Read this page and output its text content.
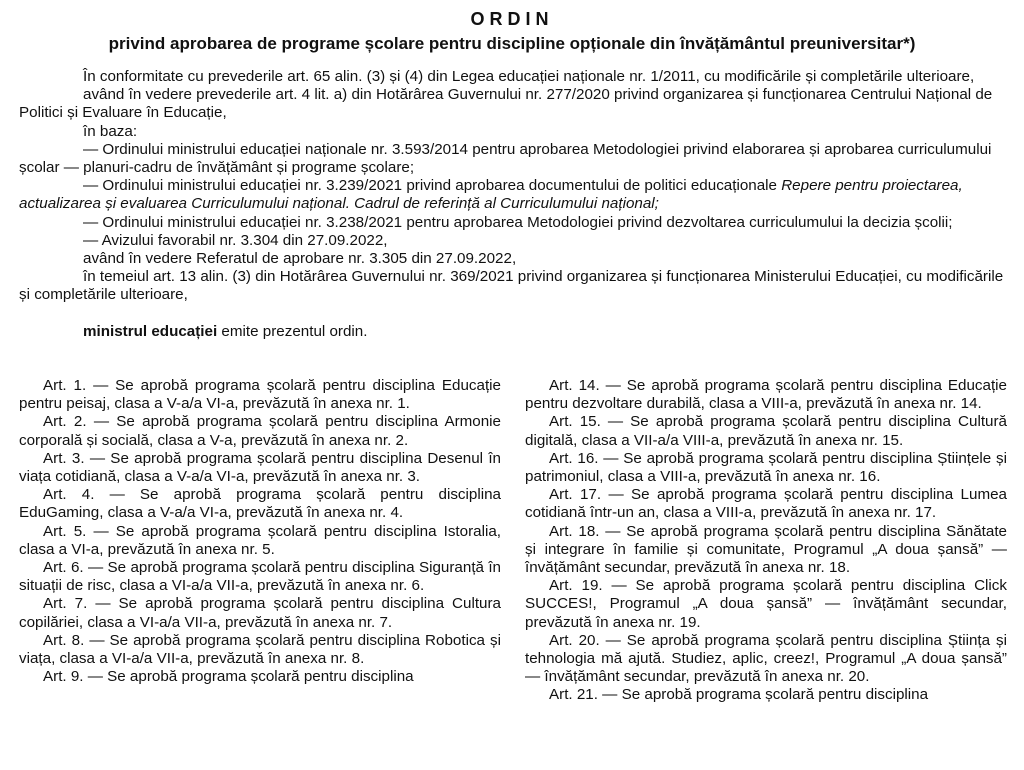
ORDIN
privind aprobarea de programe școlare pentru discipline opționale din învățământul preuniversitar*)

În conformitate cu prevederile art. 65 alin. (3) și (4) din Legea educației naționale nr. 1/2011, cu modificările și completările ulterioare,

având în vedere prevederile art. 4 lit. a) din Hotărârea Guvernului nr. 277/2020 privind organizarea și funcționarea Centrului Național de Politici și Evaluare în Educație,

în baza:

— Ordinului ministrului educației naționale nr. 3.593/2014 pentru aprobarea Metodologiei privind elaborarea și aprobarea curriculumului școlar — planuri-cadru de învățământ și programe școlare;

— Ordinului ministrului educației nr. 3.239/2021 privind aprobarea documentului de politici educaționale Repere pentru proiectarea, actualizarea și evaluarea Curriculumului național. Cadrul de referință al Curriculumului național;

— Ordinului ministrului educației nr. 3.238/2021 pentru aprobarea Metodologiei privind dezvoltarea curriculumului la decizia școlii;

— Avizului favorabil nr. 3.304 din 27.09.2022,

având în vedere Referatul de aprobare nr. 3.305 din 27.09.2022,

în temeiul art. 13 alin. (3) din Hotărârea Guvernului nr. 369/2021 privind organizarea și funcționarea Ministerului Educației, cu modificările și completările ulterioare,

ministrul educației emite prezentul ordin.

Art. 1. — Se aprobă programa școlară pentru disciplina Educație pentru peisaj, clasa a V-a/a VI-a, prevăzută în anexa nr. 1.

Art. 2. — Se aprobă programa școlară pentru disciplina Armonie corporală și socială, clasa a V-a, prevăzută în anexa nr. 2.

Art. 3. — Se aprobă programa școlară pentru disciplina Desenul în viața cotidiană, clasa a V-a/a VI-a, prevăzută în anexa nr. 3.

Art. 4. — Se aprobă programa școlară pentru disciplina EduGaming, clasa a V-a/a VI-a, prevăzută în anexa nr. 4.

Art. 5. — Se aprobă programa școlară pentru disciplina Istoralia, clasa a VI-a, prevăzută în anexa nr. 5.

Art. 6. — Se aprobă programa școlară pentru disciplina Siguranță în situații de risc, clasa a VI-a/a VII-a, prevăzută în anexa nr. 6.

Art. 7. — Se aprobă programa școlară pentru disciplina Cultura copilăriei, clasa a VI-a/a VII-a, prevăzută în anexa nr. 7.

Art. 8. — Se aprobă programa școlară pentru disciplina Robotica și viața, clasa a VI-a/a VII-a, prevăzută în anexa nr. 8.

Art. 9. — Se aprobă programa școlară pentru disciplina

Art. 14. — Se aprobă programa școlară pentru disciplina Educație pentru dezvoltare durabilă, clasa a VIII-a, prevăzută în anexa nr. 14.

Art. 15. — Se aprobă programa școlară pentru disciplina Cultură digitală, clasa a VII-a/a VIII-a, prevăzută în anexa nr. 15.

Art. 16. — Se aprobă programa școlară pentru disciplina Științele și patrimoniul, clasa a VIII-a, prevăzută în anexa nr. 16.

Art. 17. — Se aprobă programa școlară pentru disciplina Lumea cotidiană într-un an, clasa a VIII-a, prevăzută în anexa nr. 17.

Art. 18. — Se aprobă programa școlară pentru disciplina Sănătate și integrare în familie și comunitate, Programul „A doua șansă” — învățământ secundar, prevăzută în anexa nr. 18.

Art. 19. — Se aprobă programa școlară pentru disciplina Click SUCCES!, Programul „A doua șansă” — învățământ secundar, prevăzută în anexa nr. 19.

Art. 20. — Se aprobă programa școlară pentru disciplina Știința și tehnologia mă ajută. Studiez, aplic, creez!, Programul „A doua șansă” — învățământ secundar, prevăzută în anexa nr. 20.

Art. 21. — Se aprobă programa școlară pentru disciplina
